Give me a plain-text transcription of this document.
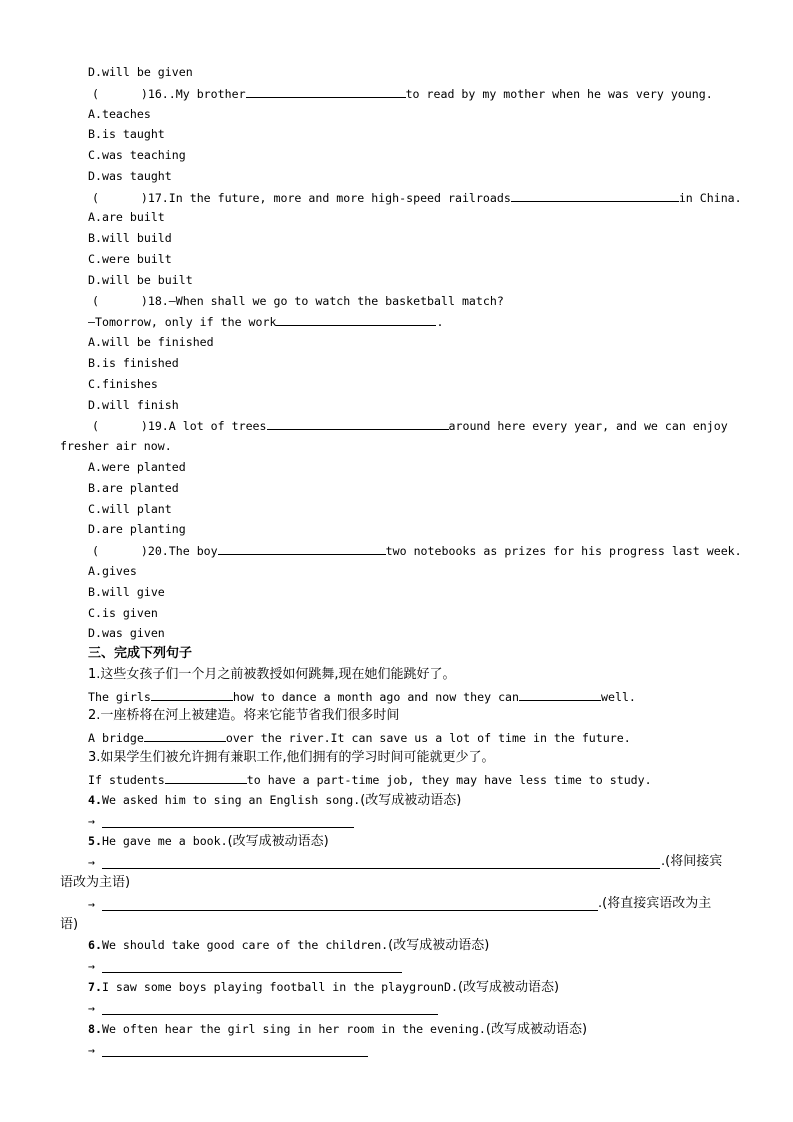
D.will be given
(      )16..My brother	to read by my mother when he was very young.
A.teaches
B.is taught
C.was teaching
D.was taught
(      )17.In the future, more and more high-speed railroads	in China.
A.are built
B.will build
C.were built
D.will be built
(      )18.—When shall we go to watch the basketball match?
—Tomorrow, only if the work	.
A.will be finished
B.is finished
C.finishes
D.will finish
(      )19.A lot of trees	around here every year, and we can enjoy
fresher air now.
A.were planted
B.are planted
C.will plant
D.are planting
(      )20.The boy	two notebooks as prizes for his progress last week.
A.gives
B.will give
C.is given
D.was given
三、完成下列句子
1.这些女孩子们一个月之前被教授如何跳舞,现在她们能跳好了。
The girls	how to dance a month ago and now they can	well.
2.一座桥将在河上被建造。将来它能节省我们很多时间
A bridge	over the river.It can save us a lot of time in the future.
3.如果学生们被允许拥有兼职工作,他们拥有的学习时间可能就更少了。
If students	to have a part-time job, they may have less time to study.
4.We asked him to sing an English song.(改写成被动语态)
→
5.He gave me a book.(改写成被动语态)
→	.(将间接宾
语改为主语)
→	.(将直接宾语改为主
语)
6.We should take good care of the children.(改写成被动语态)
→
7.I saw some boys playing football in the playgrounD.(改写成被动语态)
→
8.We often hear the girl sing in her room in the evening.(改写成被动语态)
→
